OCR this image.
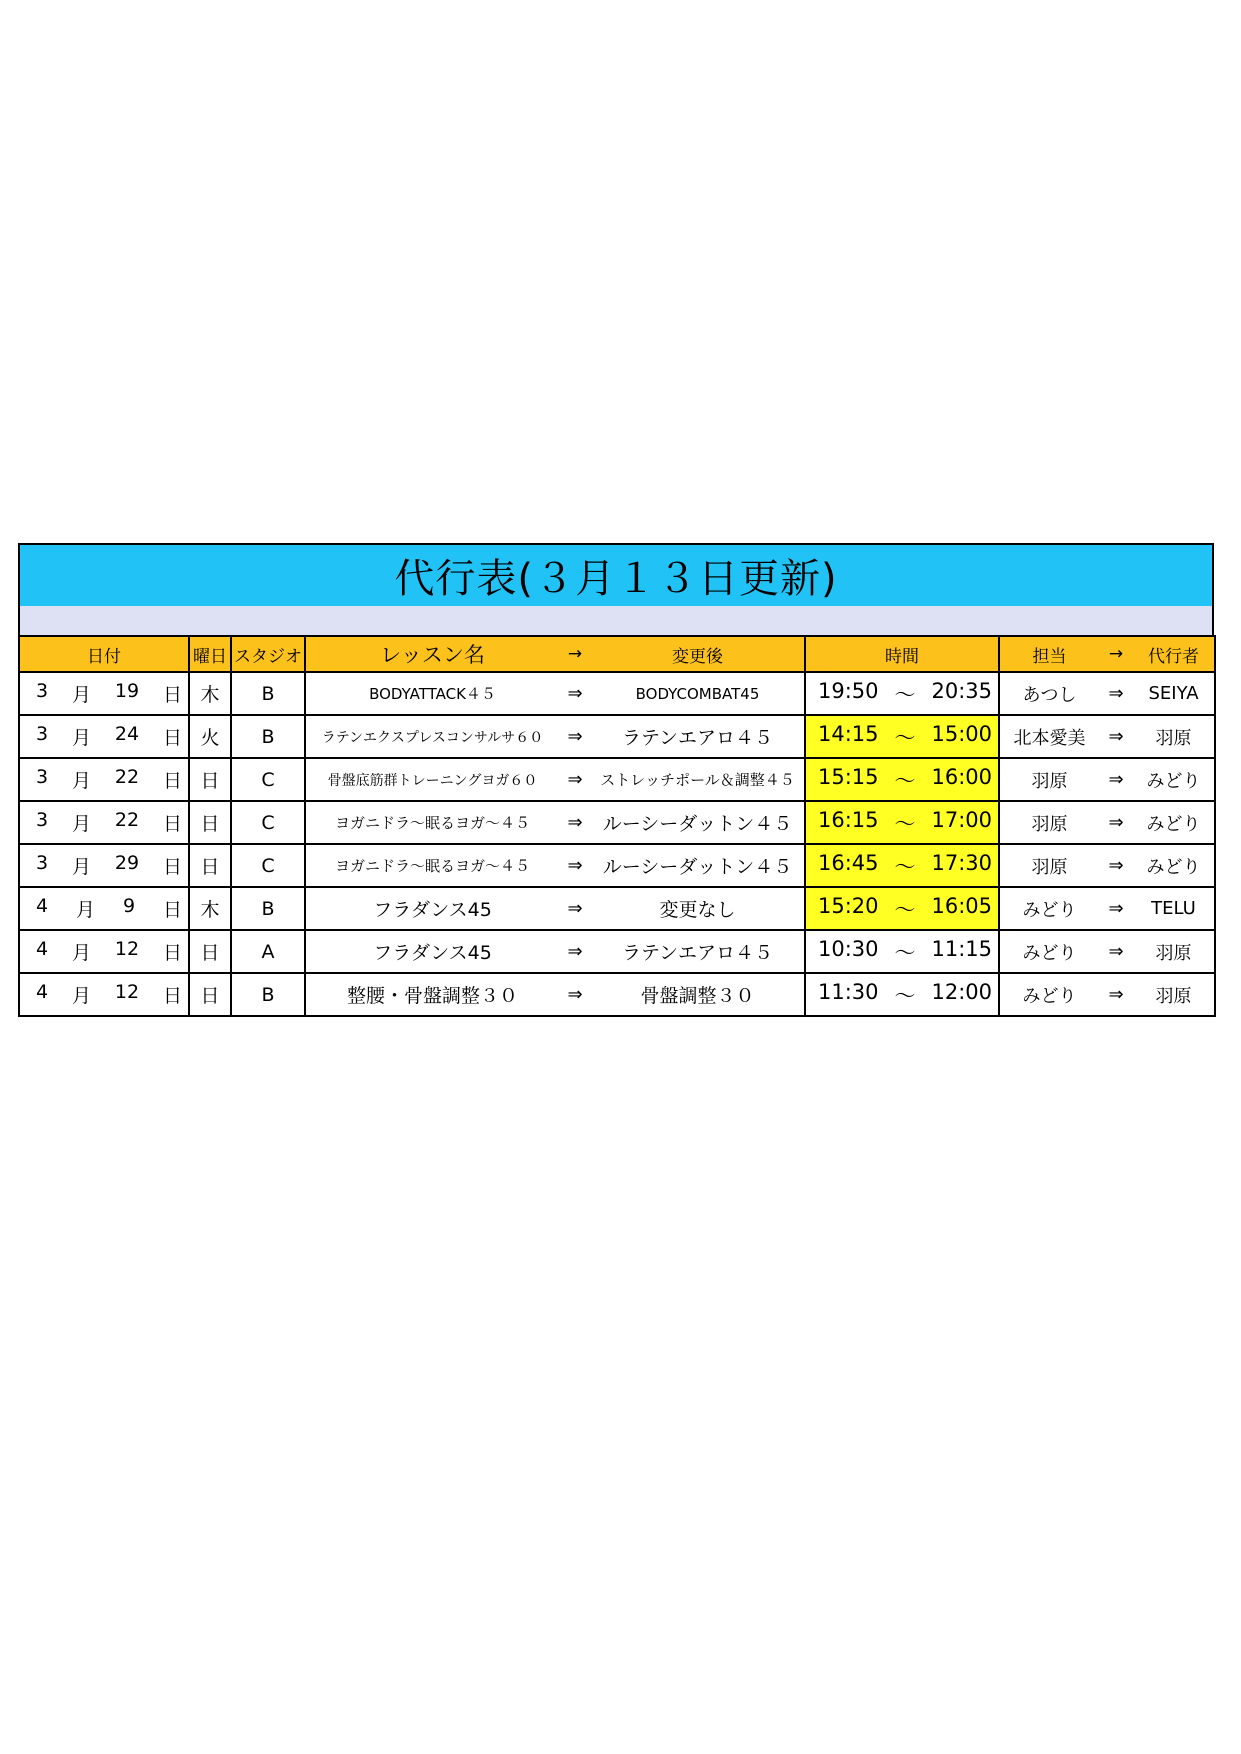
代行表(３月１３日更新)
日付	曜日	スタジオ	レッスン名	→	変更後	時間	担当	→	代行者

3 月 19 日	木	B	BODYATTACK４５	⇒	BODYCOMBAT45	19:50 ～ 20:35	あつし	⇒	SEIYA

3 月 24 日	火	B	ラテンエクスプレスコンサルサ６０	⇒	ラテンエアロ４５	14:15 ～ 15:00	北本愛美	⇒	羽原

3 月 22 日	日	C	骨盤底筋群トレーニングヨガ６０	⇒	ストレッチポール＆調整４５	15:15 ～ 16:00	羽原	⇒	みどり

3 月 22 日	日	C	ヨガニドラ～眠るヨガ～４５	⇒	ルーシーダットン４５	16:15 ～ 17:00	羽原	⇒	みどり

3 月 29 日	日	C	ヨガニドラ～眠るヨガ～４５	⇒	ルーシーダットン４５	16:45 ～ 17:30	羽原	⇒	みどり

4 月 9 日	木	B	フラダンス45	⇒	変更なし	15:20 ～ 16:05	みどり	⇒	TELU

4 月 12 日	日	A	フラダンス45	⇒	ラテンエアロ４５	10:30 ～ 11:15	みどり	⇒	羽原

4 月 12 日	日	B	整腰・骨盤調整３０	⇒	骨盤調整３０	11:30 ～ 12:00	みどり	⇒	羽原
